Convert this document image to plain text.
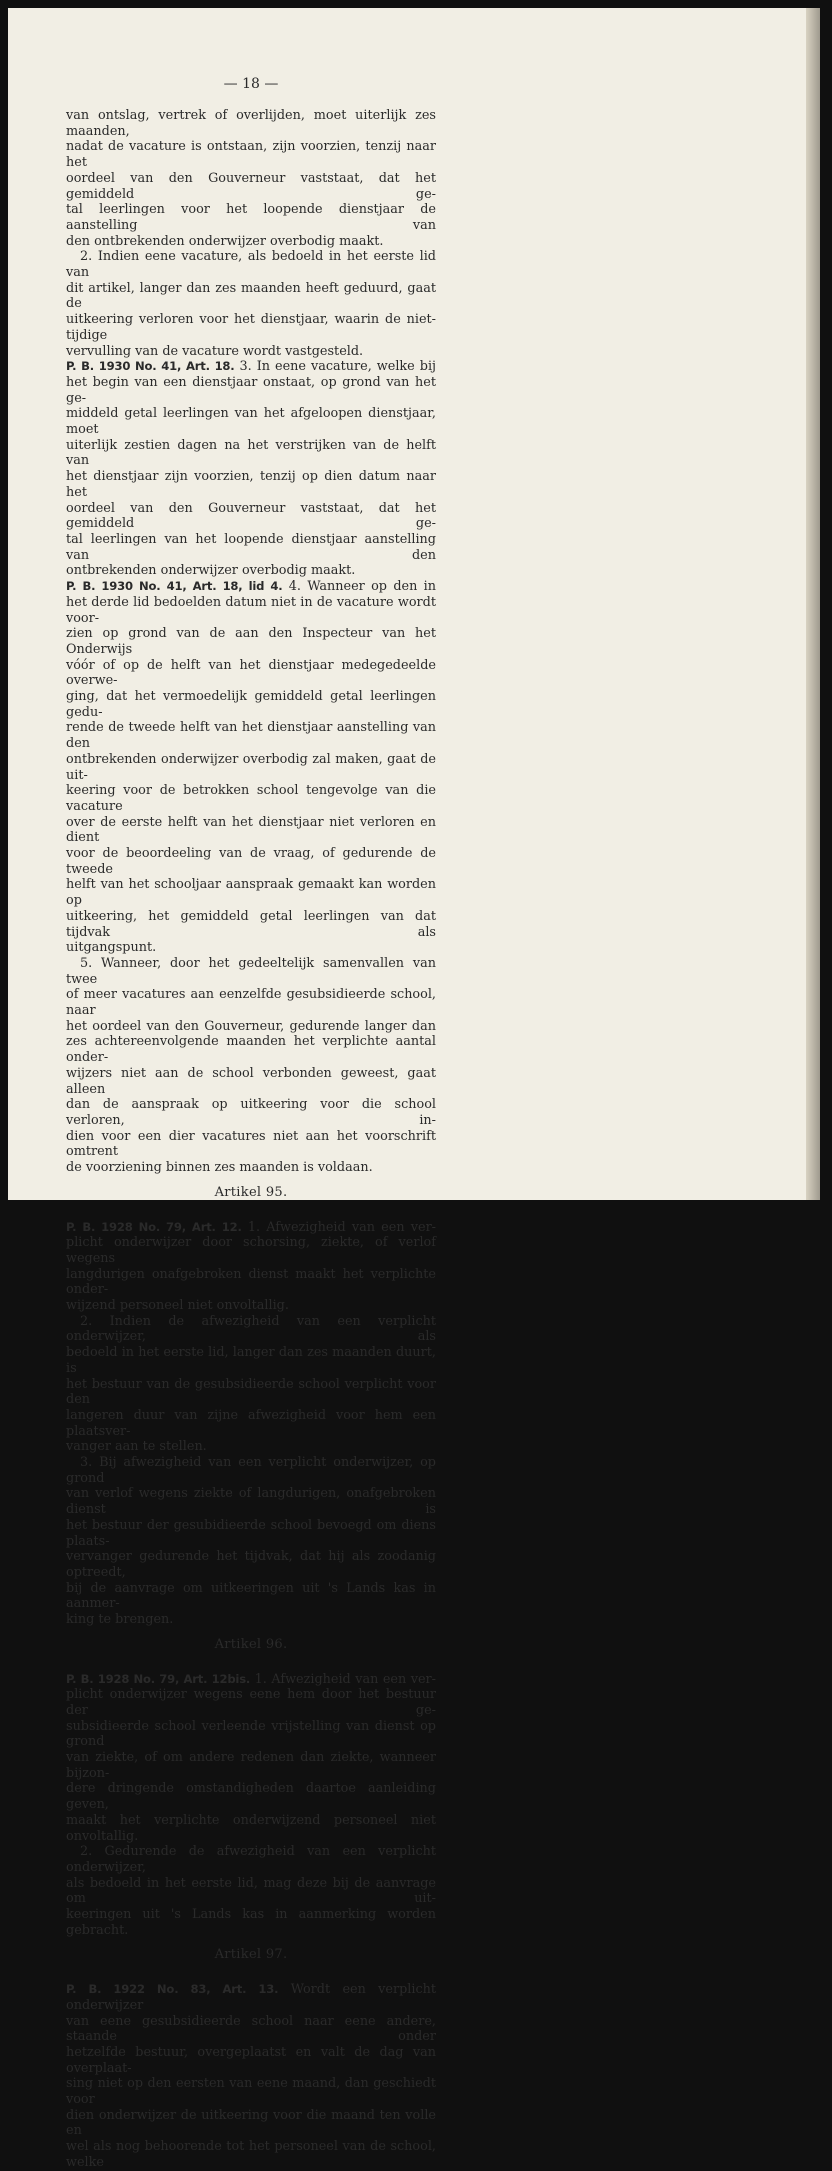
— 18 —

van ontslag, vertrek of overlijden, moet uiterlijk zes maanden,
nadat de vacature is ontstaan, zijn voorzien, tenzij naar het
oordeel van den Gouverneur vaststaat, dat het gemiddeld ge-
tal leerlingen voor het loopende dienstjaar de aanstelling van
den ontbrekenden onderwijzer overbodig maakt.

2. Indien eene vacature, als bedoeld in het eerste lid van
dit artikel, langer dan zes maanden heeft geduurd, gaat de
uitkeering verloren voor het dienstjaar, waarin de niet-tijdige
vervulling van de vacature wordt vastgesteld.

P. B. 1930 No. 41, Art. 18. 3. In eene vacature, welke bij
het begin van een dienstjaar onstaat, op grond van het ge-
middeld getal leerlingen van het afgeloopen dienstjaar, moet
uiterlijk zestien dagen na het verstrijken van de helft van
het dienstjaar zijn voorzien, tenzij op dien datum naar het
oordeel van den Gouverneur vaststaat, dat het gemiddeld ge-
tal leerlingen van het loopende dienstjaar aanstelling van den
ontbrekenden onderwijzer overbodig maakt.

P. B. 1930 No. 41, Art. 18, lid 4. 4. Wanneer op den in
het derde lid bedoelden datum niet in de vacature wordt voor-
zien op grond van de aan den Inspecteur van het Onderwijs
vóór of op de helft van het dienstjaar medegedeelde overwe-
ging, dat het vermoedelijk gemiddeld getal leerlingen gedu-
rende de tweede helft van het dienstjaar aanstelling van den
ontbrekenden onderwijzer overbodig zal maken, gaat de uit-
keering voor de betrokken school tengevolge van die vacature
over de eerste helft van het dienstjaar niet verloren en dient
voor de beoordeeling van de vraag, of gedurende de tweede
helft van het schooljaar aanspraak gemaakt kan worden op
uitkeering, het gemiddeld getal leerlingen van dat tijdvak als
uitgangspunt.

5. Wanneer, door het gedeeltelijk samenvallen van twee
of meer vacatures aan eenzelfde gesubsidieerde school, naar
het oordeel van den Gouverneur, gedurende langer dan
zes achtereenvolgende maanden het verplichte aantal onder-
wijzers niet aan de school verbonden geweest, gaat alleen
dan de aanspraak op uitkeering voor die school verloren, in-
dien voor een dier vacatures niet aan het voorschrift omtrent
de voorziening binnen zes maanden is voldaan.

Artikel 95.

P. B. 1928 No. 79, Art. 12. 1. Afwezigheid van een ver-
plicht onderwijzer door schorsing, ziekte, of verlof wegens
langdurigen onafgebroken dienst maakt het verplichte onder-
wijzend personeel niet onvoltallig.

2. Indien de afwezigheid van een verplicht onderwijzer, als
bedoeld in het eerste lid, langer dan zes maanden duurt, is
het bestuur van de gesubsidieerde school verplicht voor den
langeren duur van zijne afwezigheid voor hem een plaatsver-
vanger aan te stellen.

3. Bij afwezigheid van een verplicht onderwijzer, op grond
van verlof wegens ziekte of langdurigen, onafgebroken dienst is
het bestuur der gesubidieerde school bevoegd om diens plaats-
vervanger gedurende het tijdvak, dat hij als zoodanig optreedt,
bij de aanvrage om uitkeeringen uit 's Lands kas in aanmer-
king te brengen.

Artikel 96.

P. B. 1928 No. 79, Art. 12bis. 1. Afwezigheid van een ver-
plicht onderwijzer wegens eene hem door het bestuur der ge-
subsidieerde school verleende vrijstelling van dienst op grond
van ziekte, of om andere redenen dan ziekte, wanneer bijzon-
dere dringende omstandigheden daartoe aanleiding geven,
maakt het verplichte onderwijzend personeel niet onvoltallig.

2. Gedurende de afwezigheid van een verplicht onderwijzer,
als bedoeld in het eerste lid, mag deze bij de aanvrage om uit-
keeringen uit 's Lands kas in aanmerking worden gebracht.

Artikel 97.

P. B. 1922 No. 83, Art. 13. Wordt een verplicht onderwijzer
van eene gesubsidieerde school naar eene andere, staande onder
hetzelfde bestuur, overgeplaatst en valt de dag van overplaat-
sing niet op den eersten van eene maand, dan geschiedt voor
dien onderwijzer de uitkeering voor die maand ten volle en
wel als nog behoorende tot het personeel van de school, welke
